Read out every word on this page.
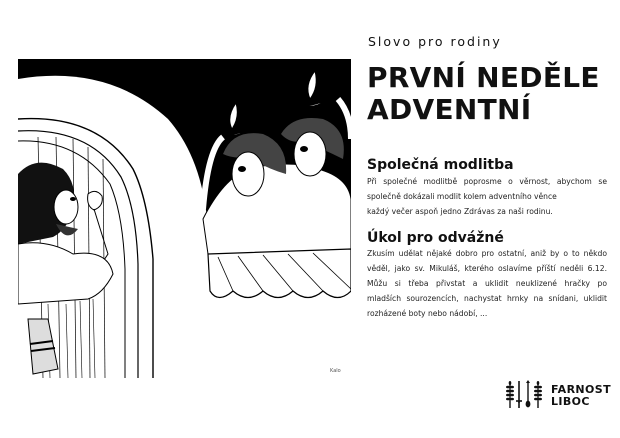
Kalo
Slovo pro rodiny
PRVNÍ NEDĚLE
ADVENTNÍ
Společná modlitba
Při společné modlitbě poprosme o věrnost, abychom se
společně dokázali modlit kolem adventního věnce
každý večer aspoň jedno Zdrávas za naši rodinu.
Úkol pro odvážné
Zkusím udělat nějaké dobro pro ostatní, aniž by o to někdo
věděl, jako sv. Mikuláš, kterého oslavíme příští neděli 6.12.
Můžu si třeba přivstat a uklidit neuklizené hračky po
mladších sourozencích, nachystat hrnky na snídani, uklidit
rozházené boty nebo nádobí, ...
FARNOST
LIBOC
